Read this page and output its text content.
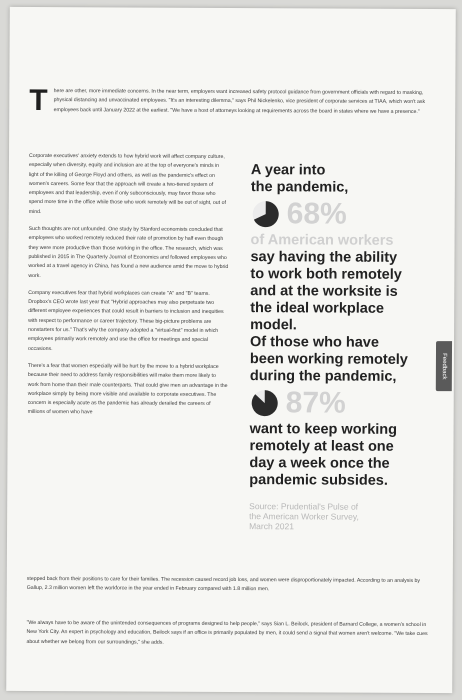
T here are other, more immediate concerns. In the near term, employers want increased safety protocol guidance from government officials with regard to masking, physical distancing and unvaccinated employees. "It's an interesting dilemma," says Phil Nickelenko, vice president of corporate services at TIAA, which won't ask employees back until January 2022 at the earliest. "We have a host of attorneys looking at requirements across the board in states where we have a presence."

Corporate executives' anxiety extends to how hybrid work will affect company culture, especially when diversity, equity and inclusion are at the top of everyone's minds in light of the killing of George Floyd and others, as well as the pandemic's effect on women's careers. Some fear that the approach will create a two-tiered system of employees and that leadership, even if only subconsciously, may favor those who spend more time in the office while those who work remotely will be out of sight, out of mind.

Such thoughts are not unfounded. One study by Stanford economists concluded that employees who worked remotely reduced their rate of promotion by half even though they were more productive than those working in the office. The research, which was published in 2015 in The Quarterly Journal of Economics and followed employees who worked at a travel agency in China, has found a new audience amid the move to hybrid work.

Company executives fear that hybrid workplaces can create "A" and "B" teams. Dropbox's CEO wrote last year that "Hybrid approaches may also perpetuate two different employee experiences that could result in barriers to inclusion and inequities with respect to performance or career trajectory. These big-picture problems are nonstarters for us." That's why the company adopted a "virtual-first" model in which employees primarily work remotely and use the office for meetings and special occasions.

There's a fear that women especially will be hurt by the move to a hybrid workplace because their need to address family responsibilities will make them more likely to work from home than their male counterparts. That could give men an advantage in the workplace simply by being more visible and available to corporate executives. The concern is especially acute as the pandemic has already derailed the careers of millions of women who have

A year into

the pandemic,

68%

of American workers

say having the ability

to work both remotely

and at the worksite is

the ideal workplace

model.

Of those who have

been working remotely

during the pandemic,

87%

want to keep working

remotely at least one

day a week once the

pandemic subsides.

Source: Prudential's Pulse of
the American Worker Survey,
March 2021
stepped back from their positions to care for their families. The recession caused record job loss, and women were disproportionately impacted. According to an analysis by Gallup, 2.3 million women left the workforce in the year ended in February compared with 1.8 million men.
"We always have to be aware of the unintended consequences of programs designed to help people," says Sian L. Beilock, president of Barnard College, a women's school in New York City. An expert in psychology and education, Beilock says if an office is primarily populated by men, it could send a signal that women aren't welcome. "We take cues about whether we belong from our surroundings," she adds.
Feedback
